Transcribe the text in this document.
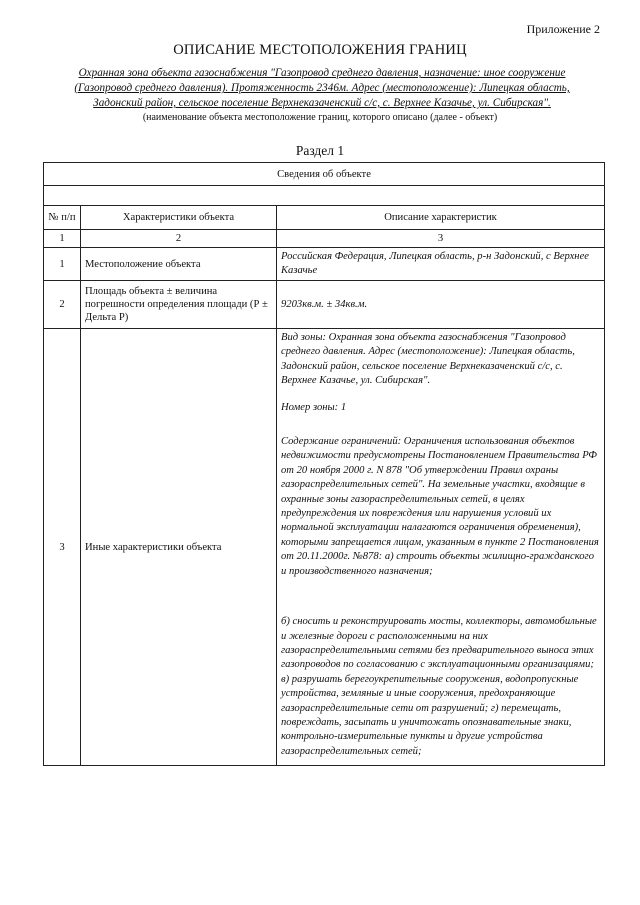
Приложение 2
ОПИСАНИЕ МЕСТОПОЛОЖЕНИЯ ГРАНИЦ
Охранная зона объекта газоснабжения "Газопровод среднего давления, назначение: иное сооружение
(Газопровод среднего давления). Протяженность 2346м. Адрес (местоположение): Липецкая область,
Задонский район, сельское поселение Верхнеказаченский с/с, с. Верхнее Казачье, ул. Сибирская".
(наименование объекта местоположение границ, которого описано (далее - объект)
Раздел 1
Сведения об объекте		

№ п/п	Характеристики объекта	Описание характеристик
1	2	3
1	Местоположение объекта	Российская Федерация, Липецкая область, р-н Задонский, с Верхнее Казачье
2	Площадь объекта ± величина погрешности определения площади (Р ± Дельта Р)	9203кв.м. ± 34кв.м.
3	Иные характеристики объекта	Вид зоны: Охранная зона объекта газоснабжения "Газопровод среднего давления. Адрес (местоположение): Липецкая область, Задонский район, сельское поселение Верхнеказаченский с/с, с. Верхнее Казачье, ул. Сибирская".

Номер зоны: 1

Содержание ограничений: Ограничения использования объектов недвижимости предусмотрены Постановлением Правительства РФ от 20 ноября 2000 г. N 878 "Об утверждении Правил охраны газораспределительных сетей". На земельные участки, входящие в охранные зоны газораспределительных сетей, в целях предупреждения их повреждения или нарушения условий их нормальной эксплуатации налагаются ограничения обременения), которыми запрещается лицам, указанным в пункте 2 Постановления от 20.11.2000г. №878: а) строить объекты жилищно-гражданского и производственного назначения;

б) сносить и реконструировать мосты, коллекторы, автомобильные и железные дороги с расположенными на них газораспределительными сетями без предварительного выноса этих газопроводов по согласованию с эксплуатационными организациями; в) разрушать берегоукрепительные сооружения, водопропускные устройства, земляные и иные сооружения, предохраняющие газораспределительные сети от разрушений; г) перемещать, повреждать, засыпать и уничтожать опознавательные знаки, контрольно-измерительные пункты и другие устройства газораспределительных сетей;
